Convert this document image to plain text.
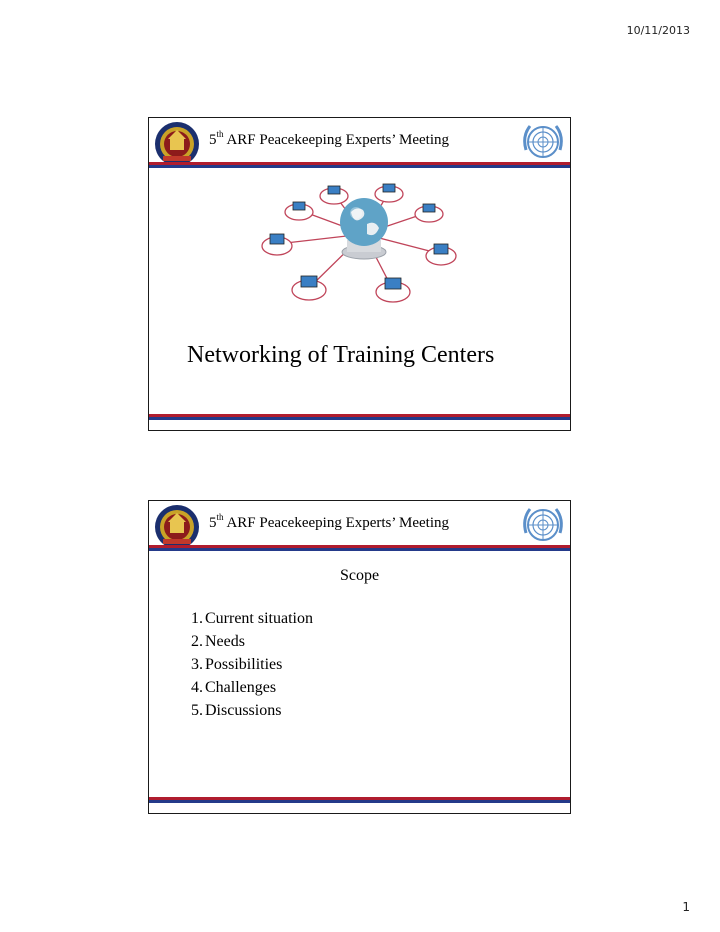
10/11/2013
5th ARF Peacekeeping Experts’ Meeting
Networking of Training Centers
5th ARF Peacekeeping Experts’ Meeting
Scope
1. Current situation
2. Needs
3. Possibilities
4. Challenges
5. Discussions
1
